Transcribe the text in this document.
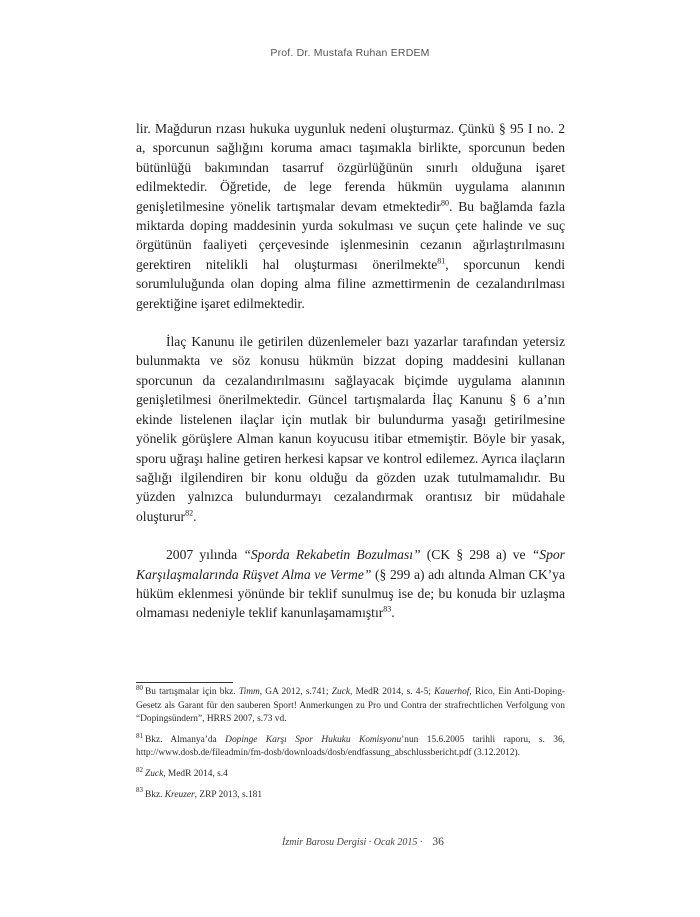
Prof. Dr. Mustafa Ruhan ERDEM

lir. Mağdurun rızası hukuka uygunluk nedeni oluşturmaz. Çünkü § 95 I no. 2 a, sporcunun sağlığını koruma amacı taşımakla birlikte, sporcunun beden bütünlüğü bakımından tasarruf özgürlüğünün sınırlı olduğuna işaret edilmektedir. Öğretide, de lege ferenda hükmün uygulama alanının genişletilmesine yönelik tartışmalar devam etmektedir$^{80}$. Bu bağlamda fazla miktarda doping maddesinin yurda sokulması ve suçun çete halinde ve suç örgütünün faaliyeti çerçevesinde işlenmesinin cezanın ağırlaştırılmasını gerektiren nitelikli hal oluşturması önerilmekte$^{81}$, sporcunun kendi sorumluluğunda olan doping alma filine azmettirmenin de cezalandırılması gerektiğine işaret edilmektedir.

İlaç Kanunu ile getirilen düzenlemeler bazı yazarlar tarafından yetersiz bulunmakta ve söz konusu hükmün bizzat doping maddesini kullanan sporcunun da cezalandırılmasını sağlayacak biçimde uygulama alanının genişletilmesi önerilmektedir. Güncel tartışmalarda İlaç Kanunu § 6 a’nın ekinde listelenen ilaçlar için mutlak bir bulundurma yasağı getirilmesine yönelik görüşlere Alman kanun koyucusu itibar etmemiştir. Böyle bir yasak, sporu uğraşı haline getiren herkesi kapsar ve kontrol edilemez. Ayrıca ilaçların sağlığı ilgilendiren bir konu olduğu da gözden uzak tutulmamalıdır. Bu yüzden yalnızca bulundurmayı cezalandırmak orantısız bir müdahale oluşturur$^{82}$.

2007 yılında “Sporda Rekabetin Bozulması” (CK § 298 a) ve “Spor Karşılaşmalarında Rüşvet Alma ve Verme” (§ 299 a) adı altında Alman CK’ya hüküm eklenmesi yönünde bir teklif sunulmuş ise de; bu konuda bir uzlaşma olmaması nedeniyle teklif kanunlaşamamıştır$^{83}$.

$^{80}$ Bu tartışmalar için bkz. Timm, GA 2012, s.741; Zuck, MedR 2014, s. 4-5; Kauerhof, Rico, Ein Anti-Doping-Gesetz als Garant für den sauberen Sport! Anmerkungen zu Pro und Contra der strafrechtlichen Verfolgung von “Dopingsündern”, HRRS 2007, s.73 vd.
$^{81}$ Bkz. Almanya’da Dopinge Karşı Spor Hukuku Komisyonu’nun 15.6.2005 tarihli raporu, s. 36, http://www.dosb.de/fileadmin/fm-dosb/downloads/dosb/endfassung_abschlussbericht.pdf (3.12.2012).
$^{82}$ Zuck, MedR 2014, s.4
$^{83}$ Bkz. Kreuzer, ZRP 2013, s.181
İzmir Barosu Dergisi · Ocak 2015 · 36
